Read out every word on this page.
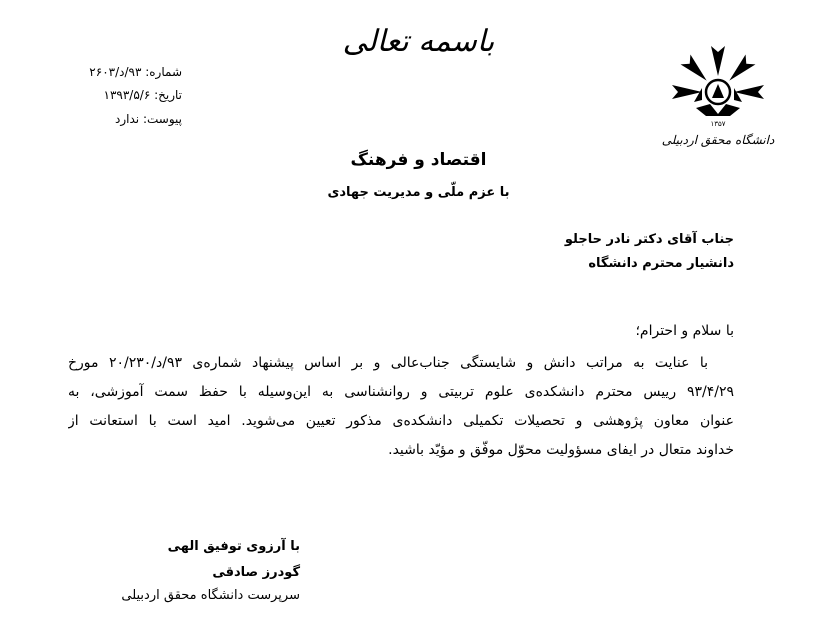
باسمه تعالی
شماره: ۹۳/د/۲۶۰۳
تاریخ: ۱۳۹۳/۵/۶
پیوست: ندارد	۱۳۵۷
دانشگاه محقق اردبیلی
اقتصاد و فرهنگ
با عزم ملّی و مدیریت جهادی
جناب آقای دکتر نادر حاجلو
دانشیار محترم دانشگاه
با سلام و احترام؛
با عنایت به مراتب دانش و شایستگی جناب‌عالی و بر اساس پیشنهاد شماره‌ی ۹۳/د/۲۰/۲۳۰ مورخ
۹۳/۴/۲۹ رییس محترم دانشکده‌ی علوم تربیتی و روانشناسی به این‌وسیله با حفظ سمت آموزشی، به
عنوان معاون پژوهشی و تحصیلات تکمیلی دانشکده‌ی مذکور تعیین می‌شوید. امید است با استعانت از
خداوند متعال در ایفای مسؤولیت محوّل موفّق و مؤیّد باشید.
با آرزوی توفیق الهی
گودرز صادقی
سرپرست دانشگاه محقق اردبیلی
